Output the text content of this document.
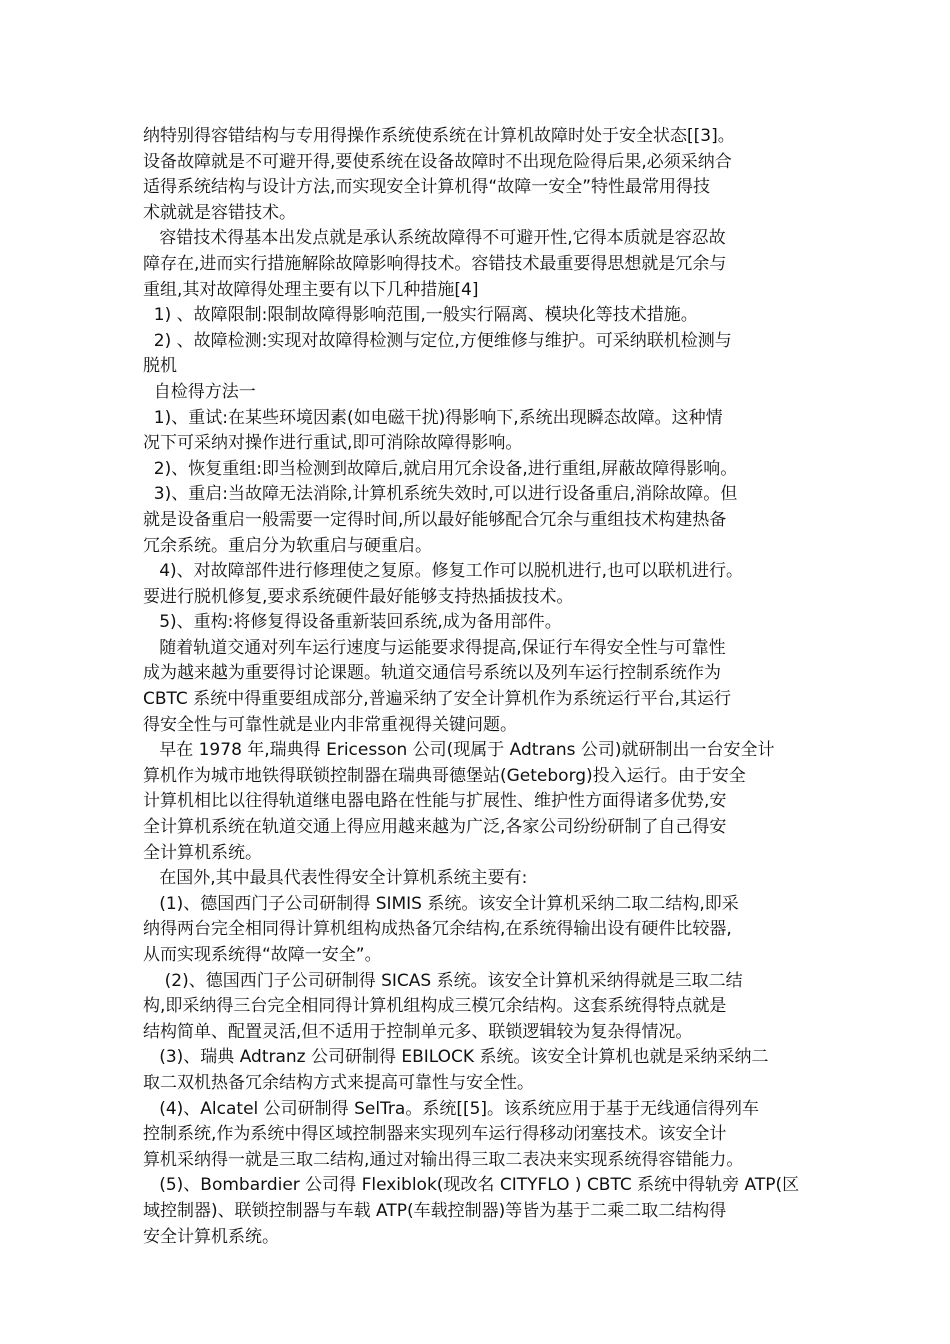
纳特别得容错结构与专用得操作系统使系统在计算机故障时处于安全状态[[3]。
设备故障就是不可避开得,要使系统在设备故障时不出现危险得后果,必须采纳合
适得系统结构与设计方法,而实现安全计算机得“故障一安全”特性最常用得技
术就就是容错技术。
容错技术得基本出发点就是承认系统故障得不可避开性,它得本质就是容忍故
障存在,进而实行措施解除故障影响得技术。容错技术最重要得思想就是冗余与
重组,其对故障得处理主要有以下几种措施[4]
1) 、故障限制:限制故障得影响范围,一般实行隔离、模块化等技术措施。
2) 、故障检测:实现对故障得检测与定位,方便维修与维护。可采纳联机检测与
脱机
自检得方法一
1)、重试:在某些环境因素(如电磁干扰)得影响下,系统出现瞬态故障。这种情
况下可采纳对操作进行重试,即可消除故障得影响。
2)、恢复重组:即当检测到故障后,就启用冗余设备,进行重组,屏蔽故障得影响。
3)、重启:当故障无法消除,计算机系统失效时,可以进行设备重启,消除故障。但
就是设备重启一般需要一定得时间,所以最好能够配合冗余与重组技术构建热备
冗余系统。重启分为软重启与硬重启。
4)、对故障部件进行修理使之复原。修复工作可以脱机进行,也可以联机进行。
要进行脱机修复,要求系统硬件最好能够支持热插拔技术。
5)、重构:将修复得设备重新装回系统,成为备用部件。
随着轨道交通对列车运行速度与运能要求得提高,保证行车得安全性与可靠性
成为越来越为重要得讨论课题。轨道交通信号系统以及列车运行控制系统作为
CBTC 系统中得重要组成部分,普遍采纳了安全计算机作为系统运行平台,其运行
得安全性与可靠性就是业内非常重视得关键问题。
早在 1978 年,瑞典得 Ericesson 公司(现属于 Adtrans 公司)就研制出一台安全计
算机作为城市地铁得联锁控制器在瑞典哥德堡站(Geteborg)投入运行。由于安全
计算机相比以往得轨道继电器电路在性能与扩展性、维护性方面得诸多优势,安
全计算机系统在轨道交通上得应用越来越为广泛,各家公司纷纷研制了自己得安
全计算机系统。
在国外,其中最具代表性得安全计算机系统主要有:
(1)、德国西门子公司研制得 SIMIS 系统。该安全计算机采纳二取二结构,即采
纳得两台完全相同得计算机组构成热备冗余结构,在系统得输出设有硬件比较器,
从而实现系统得“故障一安全”。
(2)、德国西门子公司研制得 SICAS 系统。该安全计算机采纳得就是三取二结
构,即采纳得三台完全相同得计算机组构成三模冗余结构。这套系统得特点就是
结构简单、配置灵活,但不适用于控制单元多、联锁逻辑较为复杂得情况。
(3)、瑞典 Adtranz 公司研制得 EBILOCK 系统。该安全计算机也就是采纳采纳二
取二双机热备冗余结构方式来提高可靠性与安全性。
(4)、Alcatel 公司研制得 SelTra。系统[[5]。该系统应用于基于无线通信得列车
控制系统,作为系统中得区域控制器来实现列车运行得移动闭塞技术。该安全计
算机采纳得一就是三取二结构,通过对输出得三取二表决来实现系统得容错能力。
(5)、Bombardier 公司得 Flexiblok(现改名 CITYFLO ) CBTC 系统中得轨旁 ATP(区
域控制器)、联锁控制器与车载 ATP(车载控制器)等皆为基于二乘二取二结构得
安全计算机系统。
